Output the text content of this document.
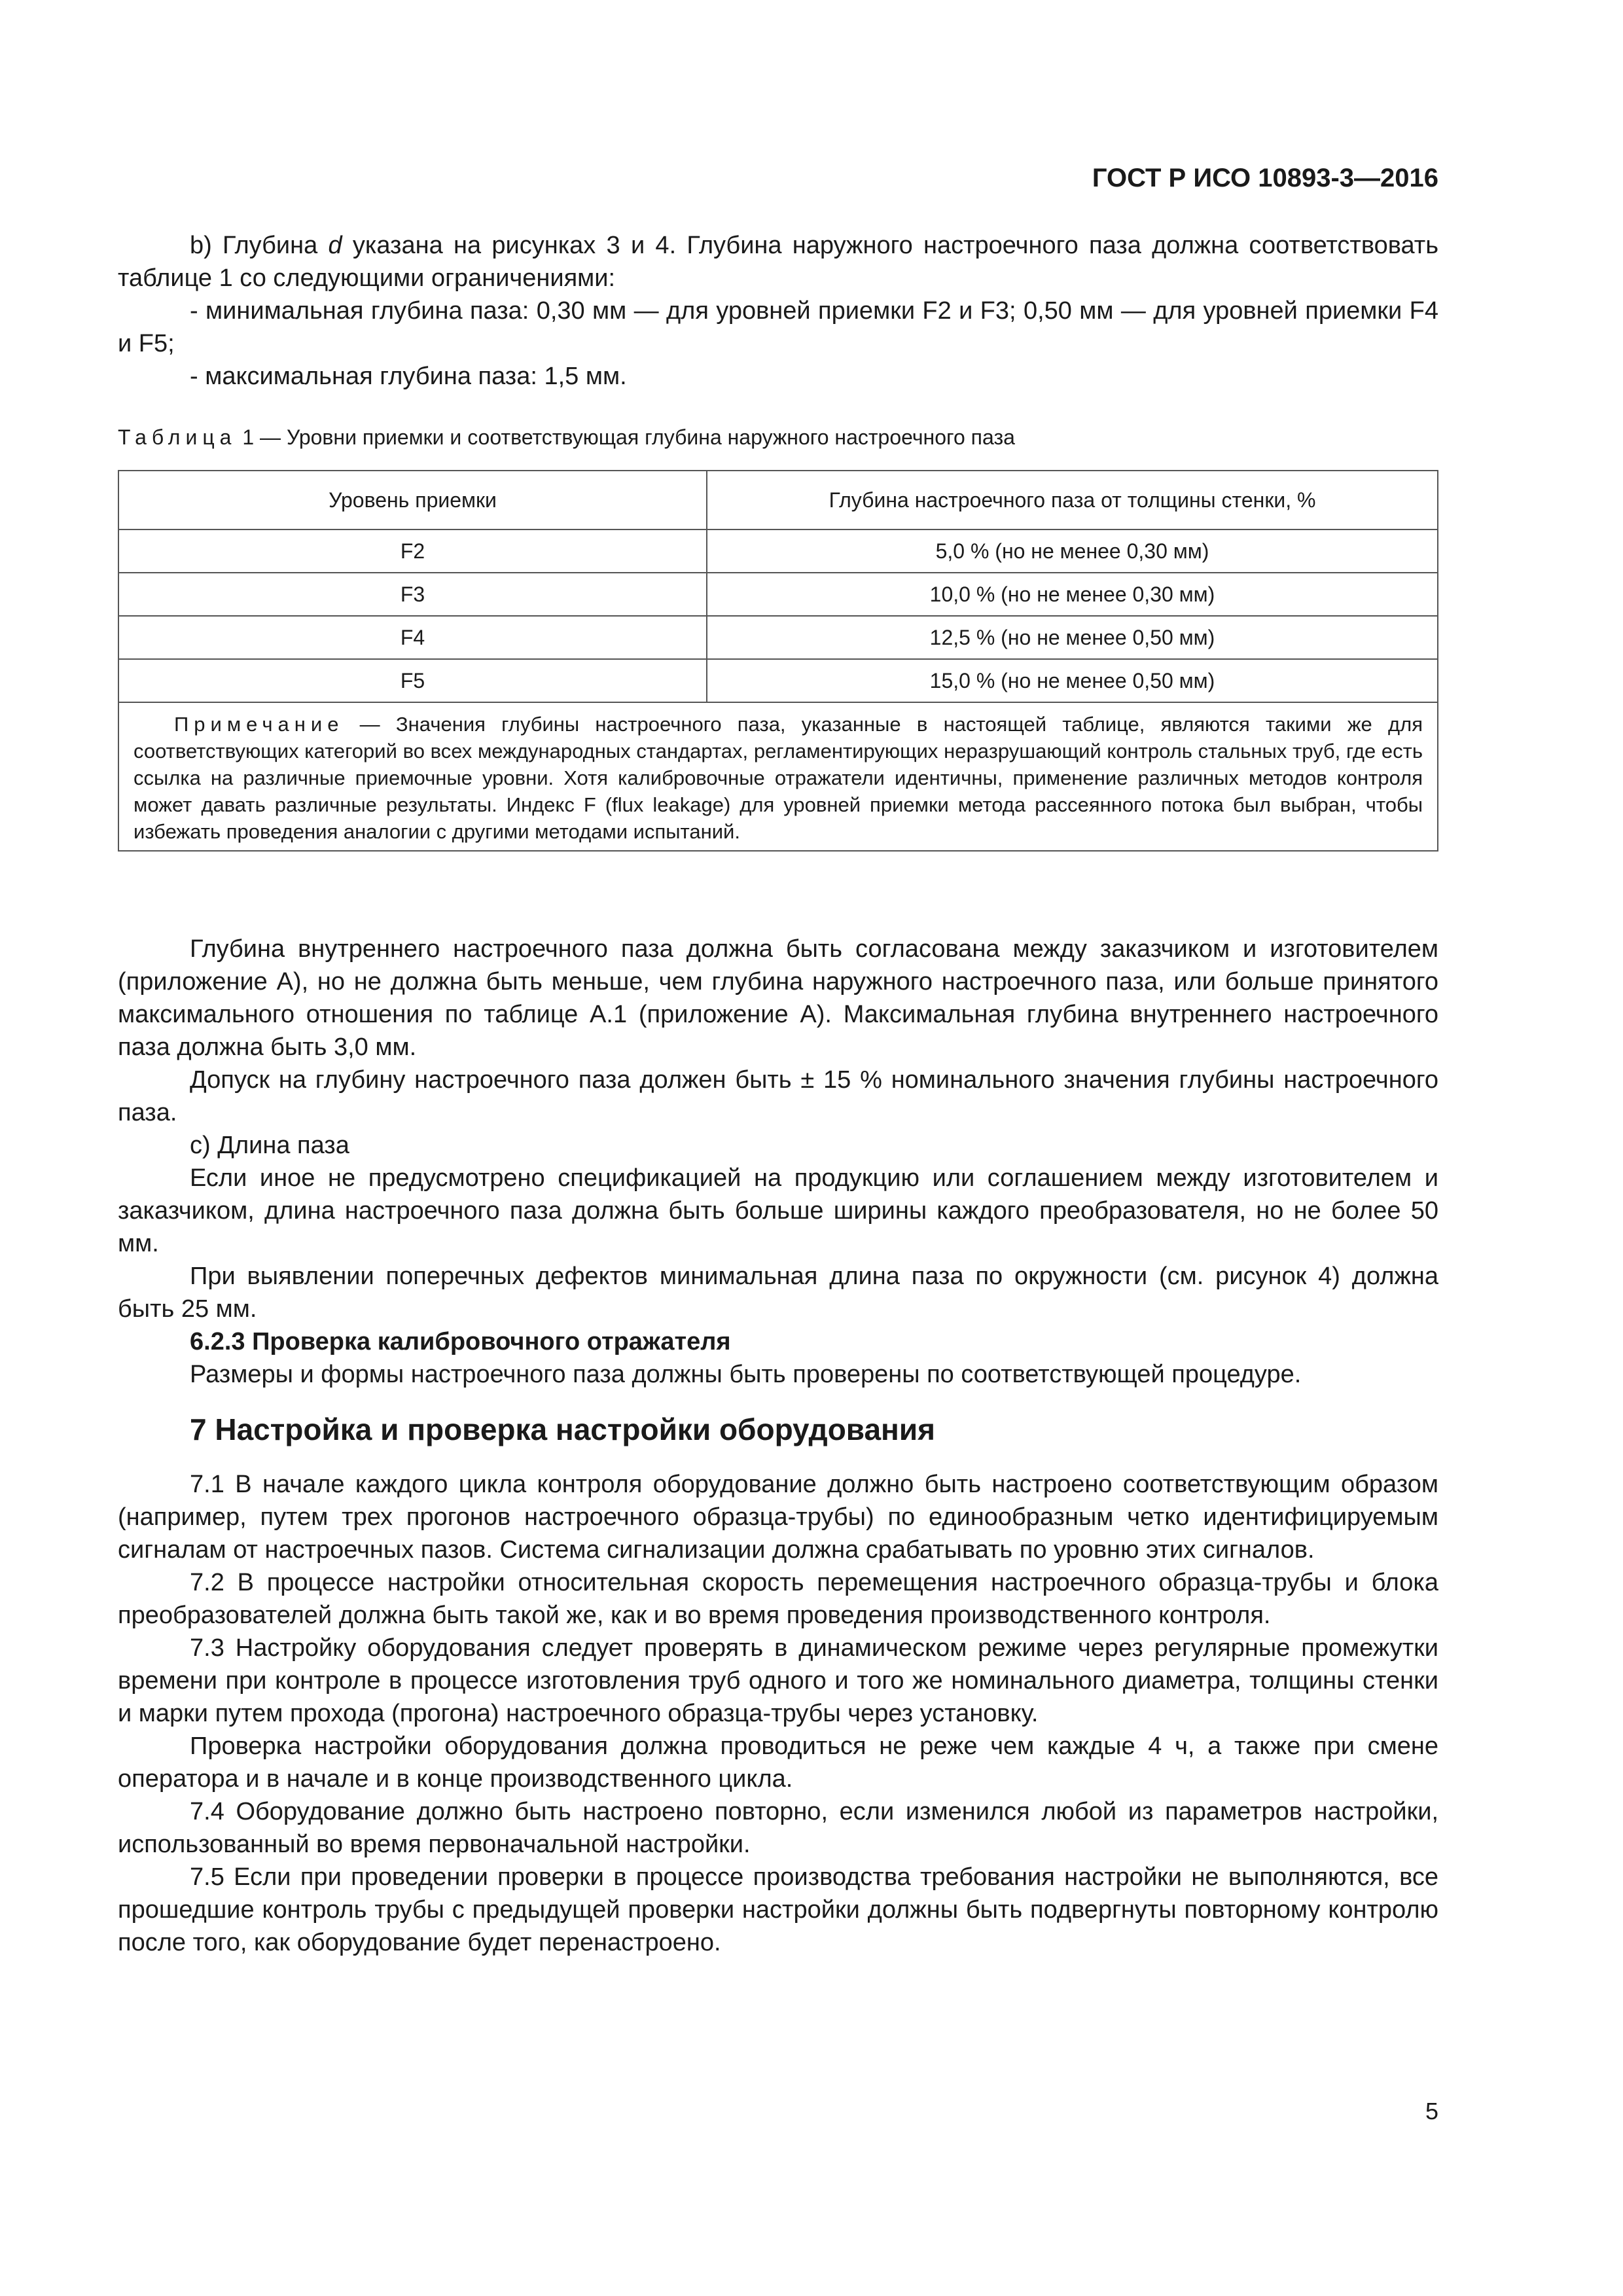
ГОСТ Р ИСО 10893-3—2016

b) Глубина d указана на рисунках 3 и 4. Глубина наружного настроечного паза должна соответствовать таблице 1 со следующими ограничениями:

- минимальная глубина паза: 0,30 мм — для уровней приемки F2 и F3; 0,50 мм — для уровней приемки F4 и F5;

- максимальная глубина паза: 1,5 мм.

Таблица 1 — Уровни приемки и соответствующая глубина наружного настроечного паза
Уровень приемки	Глубина настроечного паза от толщины стенки, %
F2	5,0 % (но не менее 0,30 мм)
F3	10,0 % (но не менее 0,30 мм)
F4	12,5 % (но не менее 0,50 мм)
F5	15,0 % (но не менее 0,50 мм)

Примечание — Значения глубины настроечного паза, указанные в настоящей таблице, являются такими же для соответствующих категорий во всех международных стандартах, регламентирующих неразрушающий контроль стальных труб, где есть ссылка на различные приемочные уровни. Хотя калибровочные отражатели идентичны, применение различных методов контроля может давать различные результаты. Индекс F (flux leakage) для уровней приемки метода рассеянного потока был выбран, чтобы избежать проведения аналогии с другими методами испытаний.	

Глубина внутреннего настроечного паза должна быть согласована между заказчиком и изготовителем (приложение А), но не должна быть меньше, чем глубина наружного настроечного паза, или больше принятого максимального отношения по таблице А.1 (приложение А). Максимальная глубина внутреннего настроечного паза должна быть 3,0 мм.

Допуск на глубину настроечного паза должен быть ± 15 % номинального значения глубины настроечного паза.

c) Длина паза

Если иное не предусмотрено спецификацией на продукцию или соглашением между изготовителем и заказчиком, длина настроечного паза должна быть больше ширины каждого преобразователя, но не более 50 мм.

При выявлении поперечных дефектов минимальная длина паза по окружности (см. рисунок 4) должна быть 25 мм.

6.2.3 Проверка калибровочного отражателя

Размеры и формы настроечного паза должны быть проверены по соответствующей процедуре.

7 Настройка и проверка настройки оборудования

7.1 В начале каждого цикла контроля оборудование должно быть настроено соответствующим образом (например, путем трех прогонов настроечного образца-трубы) по единообразным четко идентифицируемым сигналам от настроечных пазов. Система сигнализации должна срабатывать по уровню этих сигналов.

7.2 В процессе настройки относительная скорость перемещения настроечного образца-трубы и блока преобразователей должна быть такой же, как и во время проведения производственного контроля.

7.3 Настройку оборудования следует проверять в динамическом режиме через регулярные промежутки времени при контроле в процессе изготовления труб одного и того же номинального диаметра, толщины стенки и марки путем прохода (прогона) настроечного образца-трубы через установку.

Проверка настройки оборудования должна проводиться не реже чем каждые 4 ч, а также при смене оператора и в начале и в конце производственного цикла.

7.4 Оборудование должно быть настроено повторно, если изменился любой из параметров настройки, использованный во время первоначальной настройки.

7.5 Если при проведении проверки в процессе производства требования настройки не выполняются, все прошедшие контроль трубы с предыдущей проверки настройки должны быть подвергнуты повторному контролю после того, как оборудование будет перенастроено.

5
